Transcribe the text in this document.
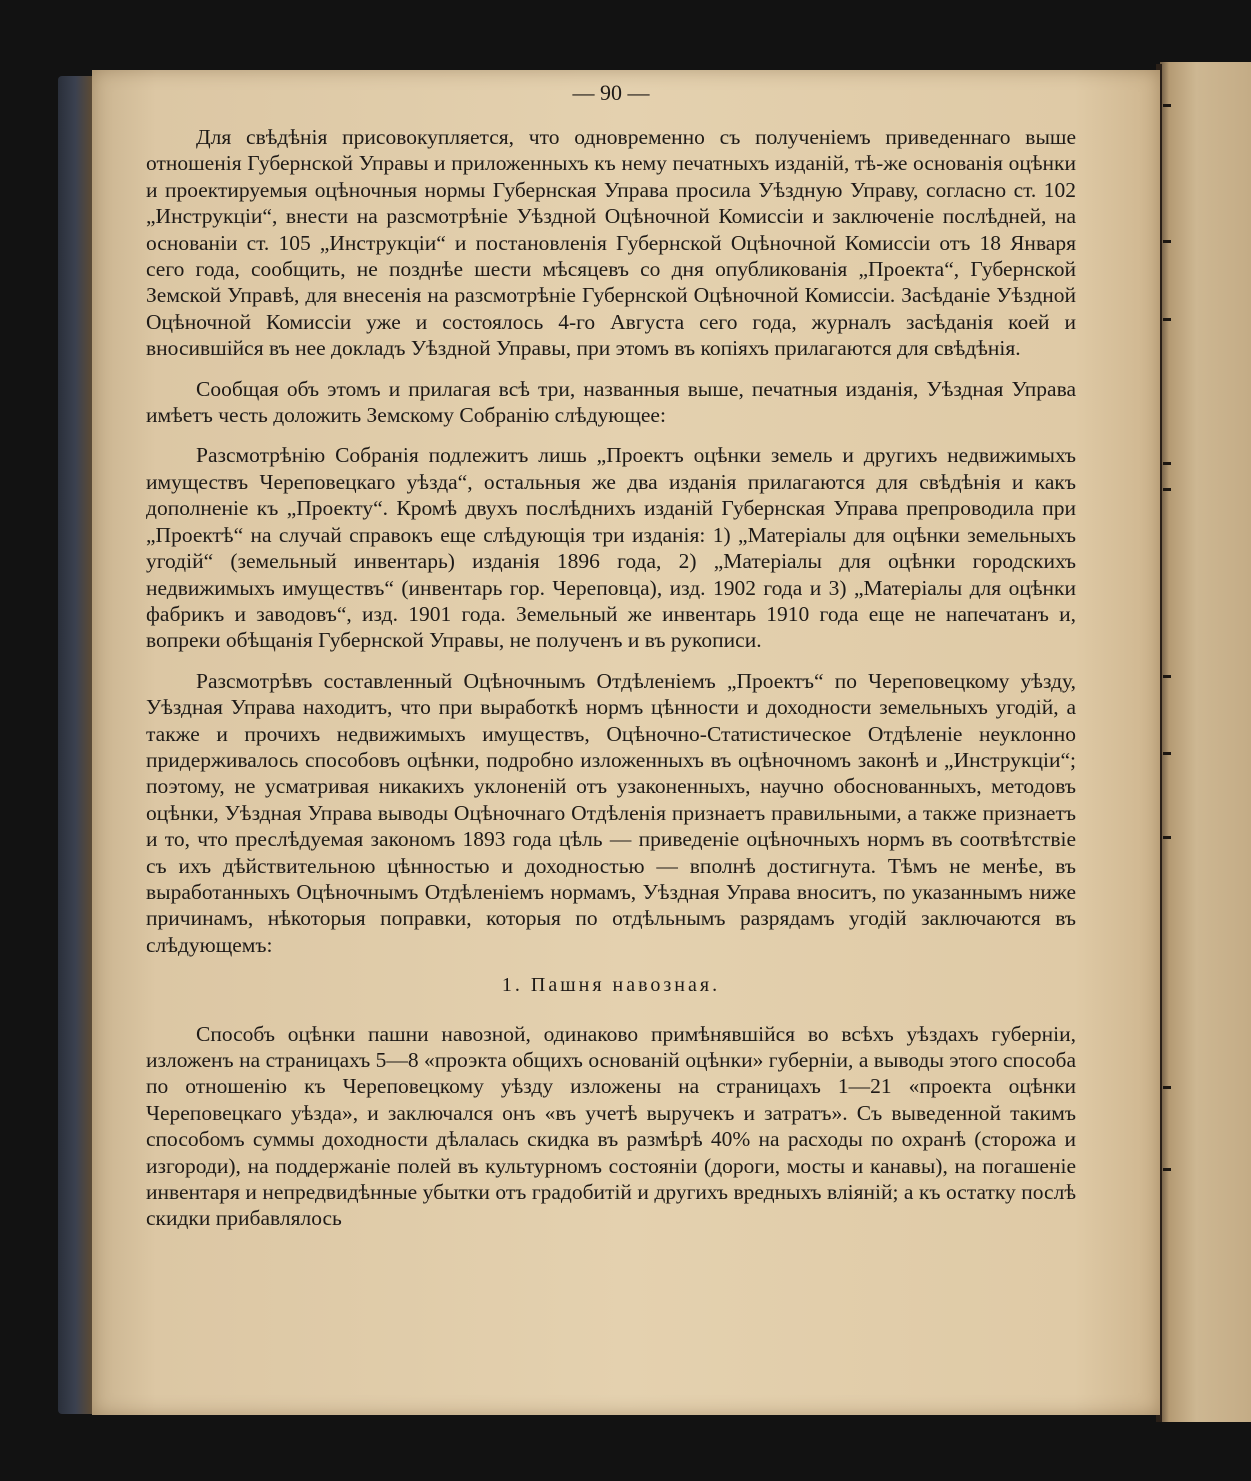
— 90 —

Для свѣдѣнія присовокупляется, что одновременно съ полученіемъ приведеннаго выше отношенія Губернской Управы и приложенныхъ къ нему печатныхъ изданій, тѣ-же основанія оцѣнки и проектируемыя оцѣночныя нормы Губернская Управа просила Уѣздную Управу, согласно ст. 102 „Инструкціи“, внести на разсмотрѣніе Уѣздной Оцѣночной Комиссіи и заключеніе послѣдней, на основаніи ст. 105 „Инструкціи“ и постановленія Губернской Оцѣночной Комиссіи отъ 18 Января сего года, сообщить, не позднѣе шести мѣсяцевъ со дня опубликованія „Проекта“, Губернской Земской Управѣ, для внесенія на разсмотрѣніе Губернской Оцѣночной Комиссіи. Засѣданіе Уѣздной Оцѣночной Комиссіи уже и состоялось 4-го Августа сего года, журналъ засѣданія коей и вносившійся въ нее докладъ Уѣздной Управы, при этомъ въ копіяхъ прилагаются для свѣдѣнія.

Сообщая объ этомъ и прилагая всѣ три, названныя выше, печатныя изданія, Уѣздная Управа имѣетъ честь доложить Земскому Собранію слѣдующее:

Разсмотрѣнію Собранія подлежитъ лишь „Проектъ оцѣнки земель и другихъ недвижимыхъ имуществъ Череповецкаго уѣзда“, остальныя же два изданія прилагаются для свѣдѣнія и какъ дополненіе къ „Проекту“. Кромѣ двухъ послѣднихъ изданій Губернская Управа препроводила при „Проектѣ“ на случай справокъ еще слѣдующія три изданія: 1) „Матеріалы для оцѣнки земельныхъ угодій“ (земельный инвентарь) изданія 1896 года, 2) „Матеріалы для оцѣнки городскихъ недвижимыхъ имуществъ“ (инвентарь гор. Череповца), изд. 1902 года и 3) „Матеріалы для оцѣнки фабрикъ и заводовъ“, изд. 1901 года. Земельный же инвентарь 1910 года еще не напечатанъ и, вопреки обѣщанія Губернской Управы, не полученъ и въ рукописи.

Разсмотрѣвъ составленный Оцѣночнымъ Отдѣленіемъ „Проектъ“ по Череповецкому уѣзду, Уѣздная Управа находитъ, что при выработкѣ нормъ цѣнности и доходности земельныхъ угодій, а также и прочихъ недвижимыхъ имуществъ, Оцѣночно-Статистическое Отдѣленіе неуклонно придерживалось способовъ оцѣнки, подробно изложенныхъ въ оцѣночномъ законѣ и „Инструкціи“; поэтому, не усматривая никакихъ уклоненій отъ узаконенныхъ, научно обоснованныхъ, методовъ оцѣнки, Уѣздная Управа выводы Оцѣночнаго Отдѣленія признаетъ правильными, а также признаетъ и то, что преслѣдуемая закономъ 1893 года цѣль — приведеніе оцѣночныхъ нормъ въ соотвѣтствіе съ ихъ дѣйствительною цѣнностью и доходностью — вполнѣ достигнута. Тѣмъ не менѣе, въ выработанныхъ Оцѣночнымъ Отдѣленіемъ нормамъ, Уѣздная Управа вноситъ, по указаннымъ ниже причинамъ, нѣкоторыя поправки, которыя по отдѣльнымъ разрядамъ угодій заключаются въ слѣдующемъ:

1. Пашня навозная.

Способъ оцѣнки пашни навозной, одинаково примѣнявшійся во всѣхъ уѣздахъ губерніи, изложенъ на страницахъ 5—8 «проэкта общихъ основаній оцѣнки» губерніи, а выводы этого способа по отношенію къ Череповецкому уѣзду изложены на страницахъ 1—21 «проекта оцѣнки Череповецкаго уѣзда», и заключался онъ «въ учетѣ выручекъ и затратъ». Съ выведенной такимъ способомъ суммы доходности дѣлалась скидка въ размѣрѣ 40% на расходы по охранѣ (сторожа и изгороди), на поддержаніе полей въ культурномъ состояніи (дороги, мосты и канавы), на погашеніе инвентаря и непредвидѣнные убытки отъ градобитій и другихъ вредныхъ вліяній; а къ остатку послѣ скидки прибавлялось
